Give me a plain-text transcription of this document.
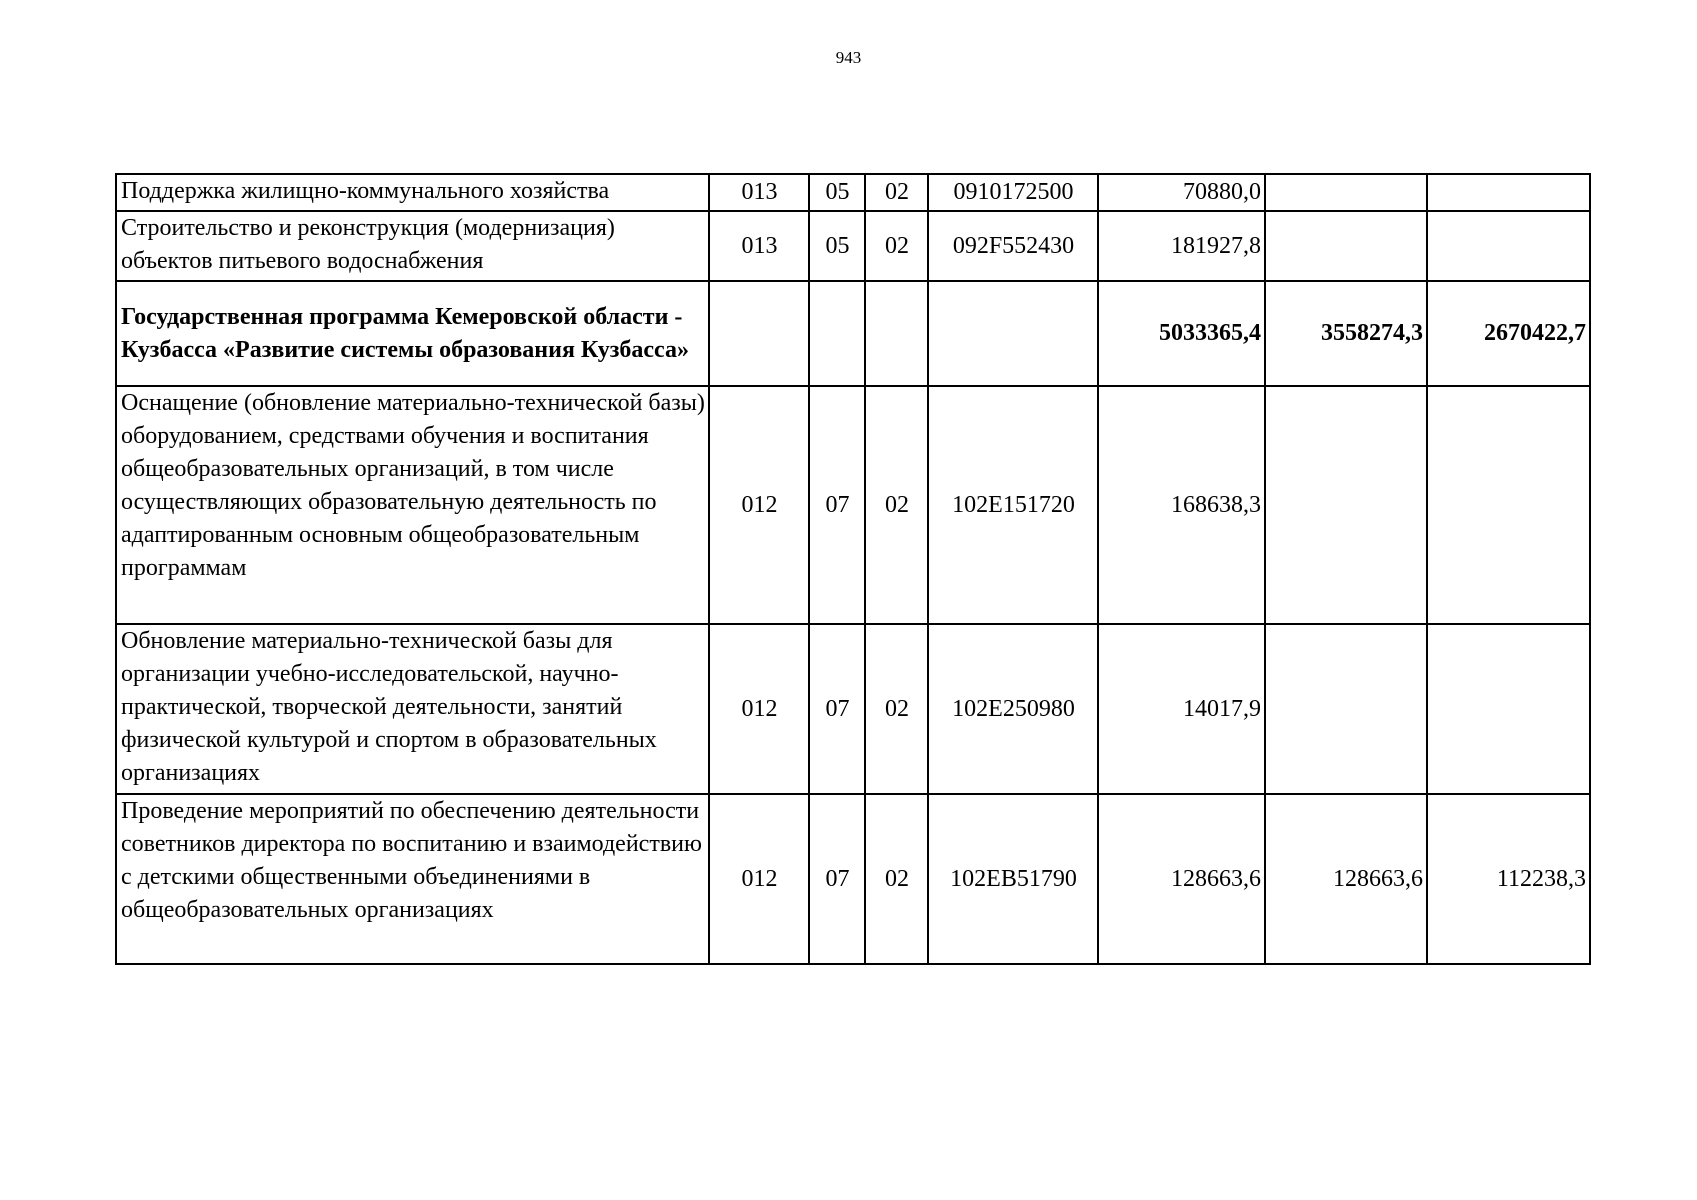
943
Поддержка жилищно-коммунального хозяйства	013	05	02	0910172500	70880,0		
Строительство и реконструкция (модернизация) объектов питьевого водоснабжения	013	05	02	092F552430	181927,8		
Государственная программа Кемеровской области - Кузбасса «Развитие системы образования Кузбасса»					5033365,4	3558274,3	2670422,7
Оснащение (обновление материально-технической базы) оборудованием, средствами обучения и воспитания общеобразовательных организаций, в том числе осуществляющих образовательную деятельность по адаптированным основным общеобразовательным программам	012	07	02	102E151720	168638,3		
Обновление материально-технической базы для организации учебно-исследовательской, научно-практической, творческой деятельности, занятий физической культурой и спортом в образовательных организациях	012	07	02	102E250980	14017,9		
Проведение мероприятий по обеспечению деятельности советников директора по воспитанию и взаимодействию с детскими общественными объединениями в общеобразовательных организациях	012	07	02	102EB51790	128663,6	128663,6	112238,3
